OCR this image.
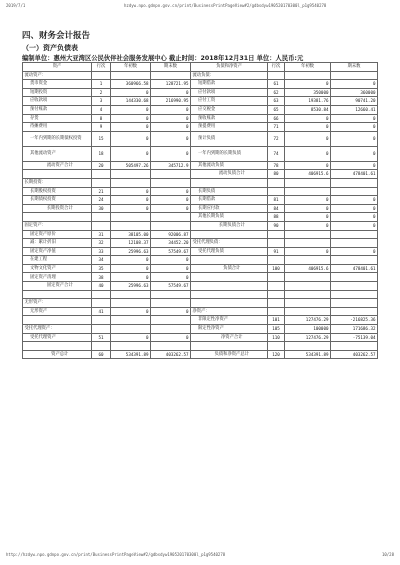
2019/7/1	hzdyw.npo.gdnpo.gov.cn/print/BusinessPrintPageView#2/gdbsdyw190520170300l_p1g9540278
四、财务会计报告
（一）资产负债表
编制单位：惠州大亚湾区公民伙伴社会服务发展中心 截止时间：2018年12月31日 单位：人民币:元
资产	行次	年初数	期末数	负债和净资产	行次	年初数	期末数
流动资产：				流动负债：			
货币资金	1	360966.58	128721.95	短期借款	61	0	0
短期投资	2	0	0	应付款项	62	350000	360000
应收款项	3	144330.68	216990.95	应付工资	63	19381.76	90741.20
预付账款	4	0	0	应交税金	65	8530.84	12660.41
存货	8	0	0	预收账款	66	0	0
待摊费用	9	0	0	预提费用	71	0	0
一年内到期的长期债权投资	15	0	0	预计负债	72	0	0
其他流动资产	18	0	0	一年内到期的长期负债	74	0	0
流动资产合计	20	505497.26	345712.9	其他流动负债	78	0	0
				流动负债合计	80	406915.6	478401.61
长期投资：							
长期股权投资	21	0	0	长期负债			
长期债权投资	24	0	0	长期借款	81	0	0
长期投资合计	30	0	0	长期应付款	84	0	0
				其他长期负债	88	0	0
固定资产：				长期负债合计	90	0	0
固定资产原价	31	38105.00	92006.87				
减：累计折旧	32	12108.37	34452.20	受托代理负债：			
固定资产净值	33	25996.63	57549.67	受托代理负债	91	0	0
在建工程	34	0	0				
文物文化资产	35	0	0	负债合计	100	406915.6	478401.61
固定资产清理	38	0	0				
固定资产合计	40	25996.63	57549.67				

无形资产：							
无形资产	41	0	0	净资产：			
				非限定性净资产	101	127476.29	-216825.36
受托代理资产：				限定性净资产	105	100000	171686.32
受托代理资产	51	0	0	净资产合计	110	127476.29	-75139.04

资产总计	60	534391.89	403262.57	负债和净资产总计	120	534391.89	403262.57
http://hzdyw.npo.gdnpo.gov.cn/print/BusinessPrintPageView#2/gdbsdyw190520170300l_p1g9540278	10/28
